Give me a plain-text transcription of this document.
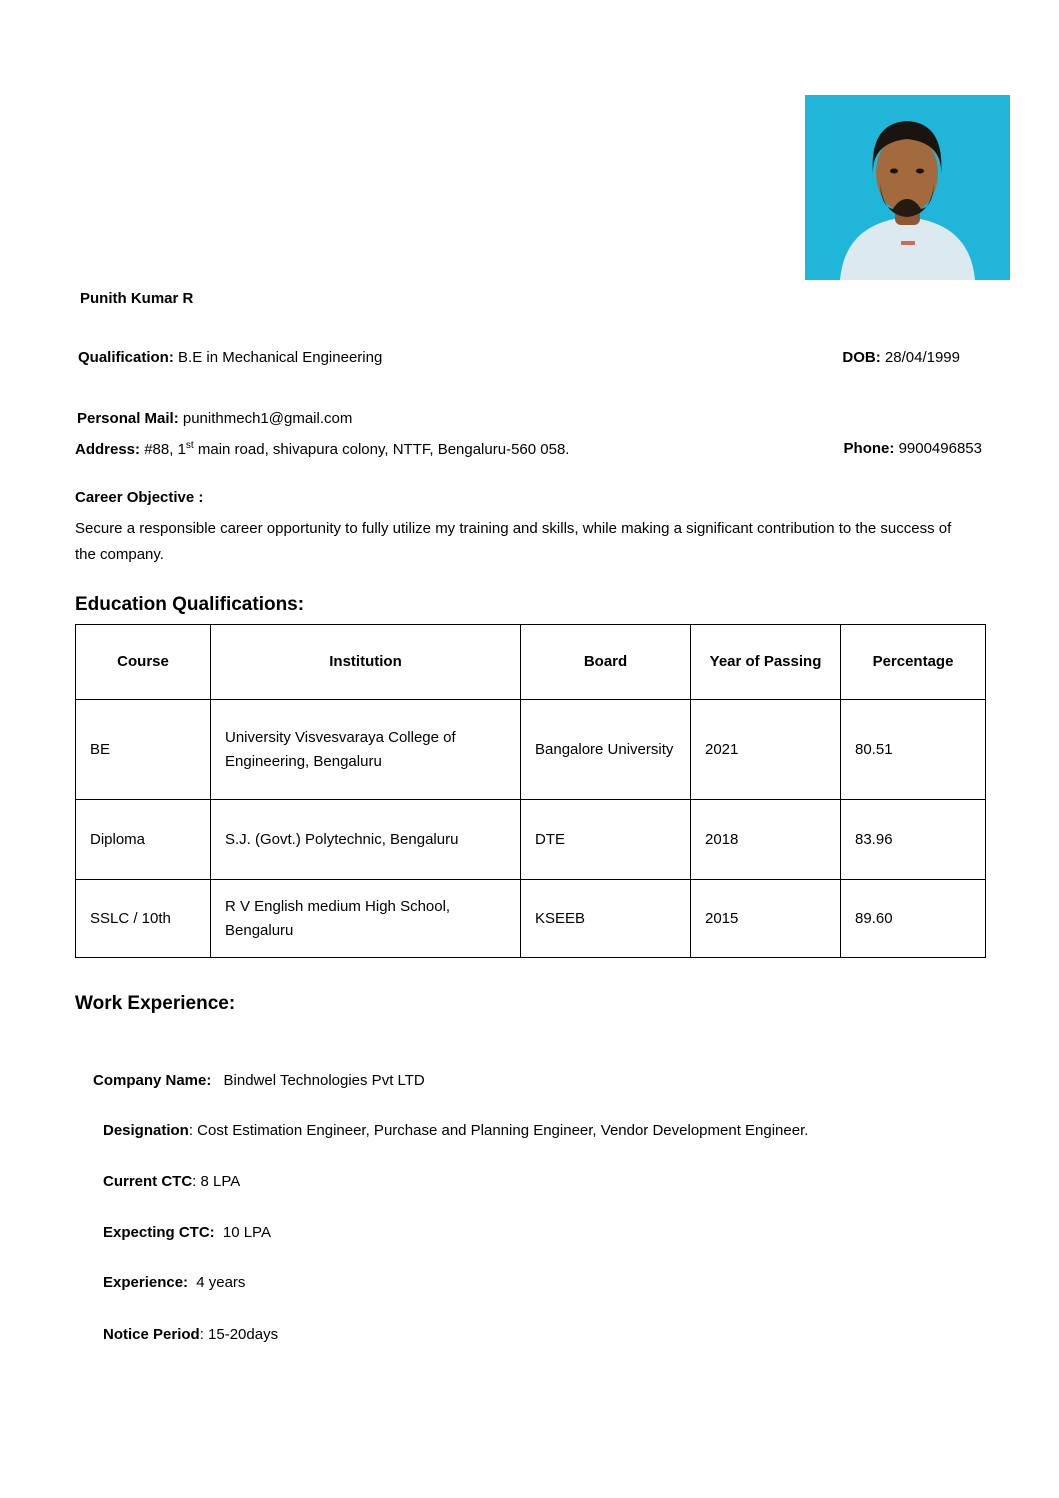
Punith Kumar R
Qualification: B.E in Mechanical Engineering	DOB: 28/04/1999
Personal Mail: punithmech1@gmail.com
Address: #88, 1st main road, shivapura colony, NTTF, Bengaluru-560 058.	Phone: 9900496853
Career Objective :
Secure a responsible career opportunity to fully utilize my training and skills, while making a significant contribution to the success of the company.
Education Qualifications:
Course	Institution	Board	Year of Passing	Percentage
BE	University Visvesvaraya College of Engineering, Bengaluru	Bangalore University	2021	80.51
Diploma	S.J. (Govt.) Polytechnic, Bengaluru	DTE	2018	83.96
SSLC / 10th	R V English medium High School, Bengaluru	KSEEB	2015	89.60
Work Experience:
Company Name: Bindwel Technologies Pvt LTD
Designation: Cost Estimation Engineer, Purchase and Planning Engineer, Vendor Development Engineer.
Current CTC: 8 LPA
Expecting CTC: 10 LPA
Experience: 4 years
Notice Period: 15-20days
